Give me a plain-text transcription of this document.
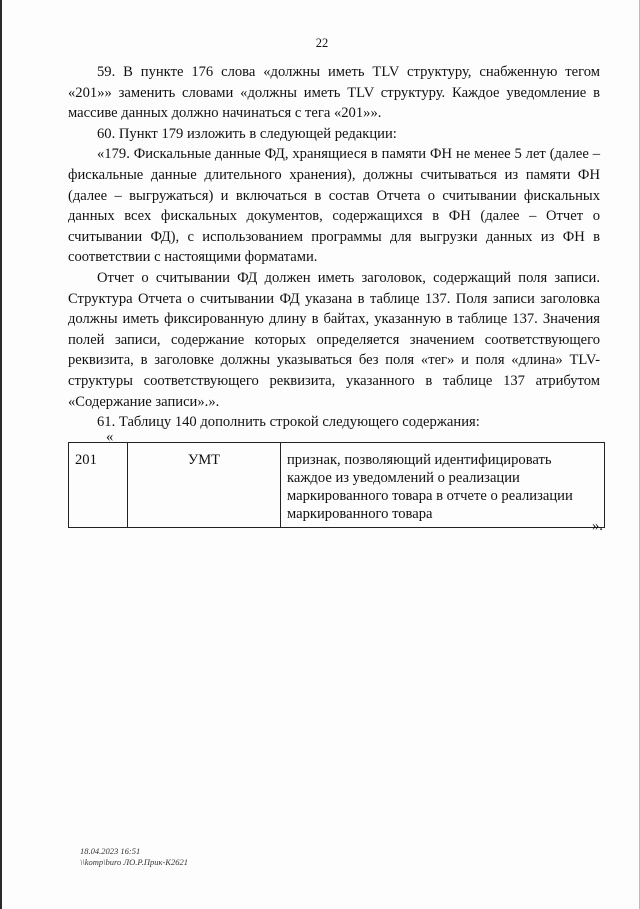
22

59. В пункте 176 слова «должны иметь TLV структуру, снабженную тегом «201»» заменить словами «должны иметь TLV структуру. Каждое уведомление в массиве данных должно начинаться с тега «201»».

60. Пункт 179 изложить в следующей редакции:

«179. Фискальные данные ФД, хранящиеся в памяти ФН не менее 5 лет (далее – фискальные данные длительного хранения), должны считываться из памяти ФН (далее – выгружаться) и включаться в состав Отчета о считывании фискальных данных всех фискальных документов, содержащихся в ФН (далее – Отчет о считывании ФД), с использованием программы для выгрузки данных из ФН в соответствии с настоящими форматами.

Отчет о считывании ФД должен иметь заголовок, содержащий поля записи. Структура Отчета о считывании ФД указана в таблице 137. Поля записи заголовка должны иметь фиксированную длину в байтах, указанную в таблице 137. Значения полей записи, содержание которых определяется значением соответствующего реквизита, в заголовке должны указываться без поля «тег» и поля «длина» TLV-структуры соответствующего реквизита, указанного в таблице 137 атрибутом «Содержание записи».».

61. Таблицу 140 дополнить строкой следующего содержания:

«
201	УМТ	признак, позволяющий идентифицировать каждое из уведомлений о реализации маркированного товара в отчете о реализации маркированного товара
».
18.04.2023 16:51
\\komp\buro ЛО.Р.Прик-К2621
